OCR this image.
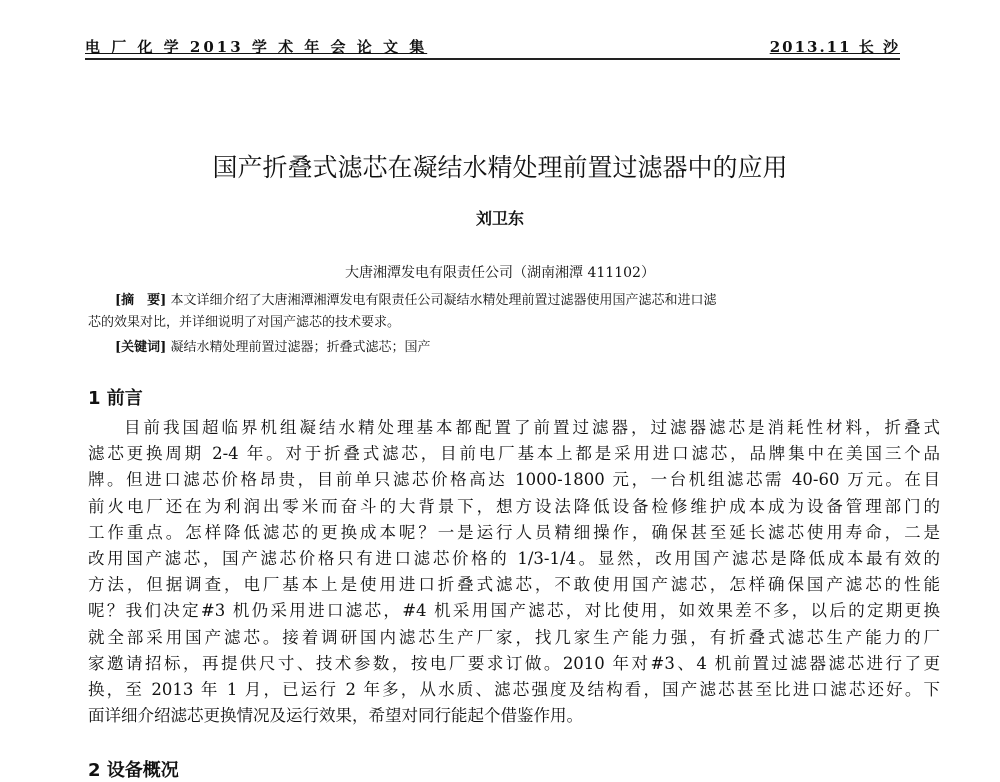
电 厂 化 学 2013 学 术 年 会 论 文 集	2013.11 长 沙
国产折叠式滤芯在凝结水精处理前置过滤器中的应用
刘卫东
大唐湘潭发电有限责任公司（湖南湘潭 411102）
[摘　要] 本文详细介绍了大唐湘潭湘潭发电有限责任公司凝结水精处理前置过滤器使用国产滤芯和进口滤
芯的效果对比，并详细说明了对国产滤芯的技术要求。
[关键词] 凝结水精处理前置过滤器；折叠式滤芯；国产
1 前言
目前我国超临界机组凝结水精处理基本都配置了前置过滤器，过滤器滤芯是消耗性材料，折叠式
滤芯更换周期 2-4 年。对于折叠式滤芯，目前电厂基本上都是采用进口滤芯，品牌集中在美国三个品
牌。但进口滤芯价格昂贵，目前单只滤芯价格高达 1000-1800 元，一台机组滤芯需 40-60 万元。在目
前火电厂还在为利润出零米而奋斗的大背景下，想方设法降低设备检修维护成本成为设备管理部门的
工作重点。怎样降低滤芯的更换成本呢？一是运行人员精细操作，确保甚至延长滤芯使用寿命，二是
改用国产滤芯，国产滤芯价格只有进口滤芯价格的 1/3-1/4。显然，改用国产滤芯是降低成本最有效的
方法，但据调查，电厂基本上是使用进口折叠式滤芯，不敢使用国产滤芯，怎样确保国产滤芯的性能
呢？我们决定#3 机仍采用进口滤芯，#4 机采用国产滤芯，对比使用，如效果差不多，以后的定期更换
就全部采用国产滤芯。接着调研国内滤芯生产厂家，找几家生产能力强，有折叠式滤芯生产能力的厂
家邀请招标，再提供尺寸、技术参数，按电厂要求订做。2010 年对#3、4 机前置过滤器滤芯进行了更
换，至 2013 年 1 月，已运行 2 年多，从水质、滤芯强度及结构看，国产滤芯甚至比进口滤芯还好。下
面详细介绍滤芯更换情况及运行效果，希望对同行能起个借鉴作用。
2 设备概况
